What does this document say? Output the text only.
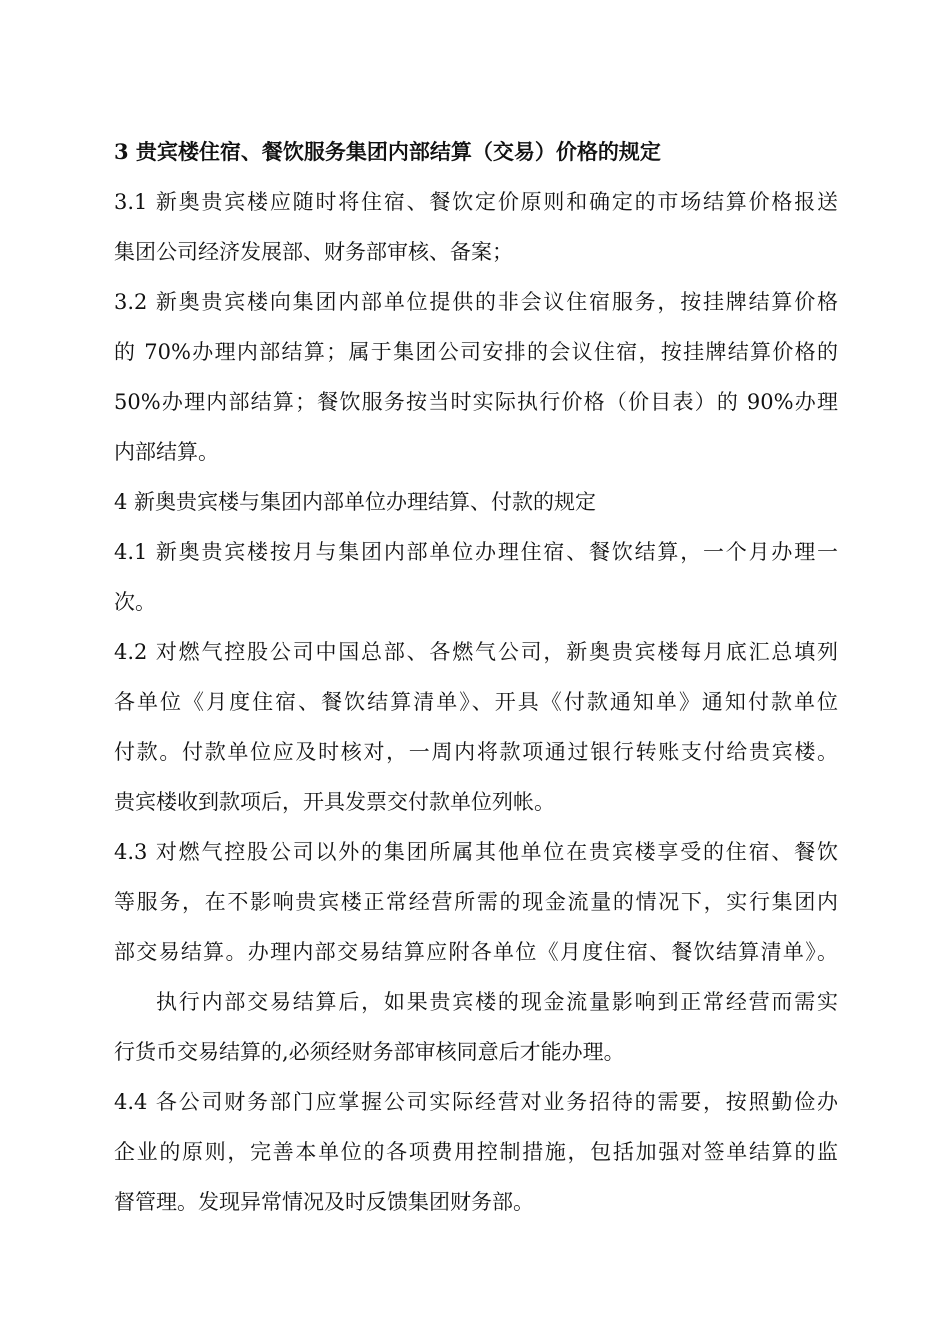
3 贵宾楼住宿、餐饮服务集团内部结算（交易）价格的规定
3.1 新奥贵宾楼应随时将住宿、餐饮定价原则和确定的市场结算价格报送
集团公司经济发展部、财务部审核、备案；
3.2 新奥贵宾楼向集团内部单位提供的非会议住宿服务，按挂牌结算价格
的 70%办理内部结算；属于集团公司安排的会议住宿，按挂牌结算价格的
50%办理内部结算；餐饮服务按当时实际执行价格（价目表）的 90%办理
内部结算。
4 新奥贵宾楼与集团内部单位办理结算、付款的规定
4.1 新奥贵宾楼按月与集团内部单位办理住宿、餐饮结算，一个月办理一
次。
4.2 对燃气控股公司中国总部、各燃气公司，新奥贵宾楼每月底汇总填列
各单位《月度住宿、餐饮结算清单》、开具《付款通知单》通知付款单位
付款。付款单位应及时核对，一周内将款项通过银行转账支付给贵宾楼。
贵宾楼收到款项后，开具发票交付款单位列帐。
4.3 对燃气控股公司以外的集团所属其他单位在贵宾楼享受的住宿、餐饮
等服务，在不影响贵宾楼正常经营所需的现金流量的情况下，实行集团内
部交易结算。办理内部交易结算应附各单位《月度住宿、餐饮结算清单》。
执行内部交易结算后，如果贵宾楼的现金流量影响到正常经营而需实
行货币交易结算的,必须经财务部审核同意后才能办理。
4.4 各公司财务部门应掌握公司实际经营对业务招待的需要，按照勤俭办
企业的原则，完善本单位的各项费用控制措施，包括加强对签单结算的监
督管理。发现异常情况及时反馈集团财务部。
